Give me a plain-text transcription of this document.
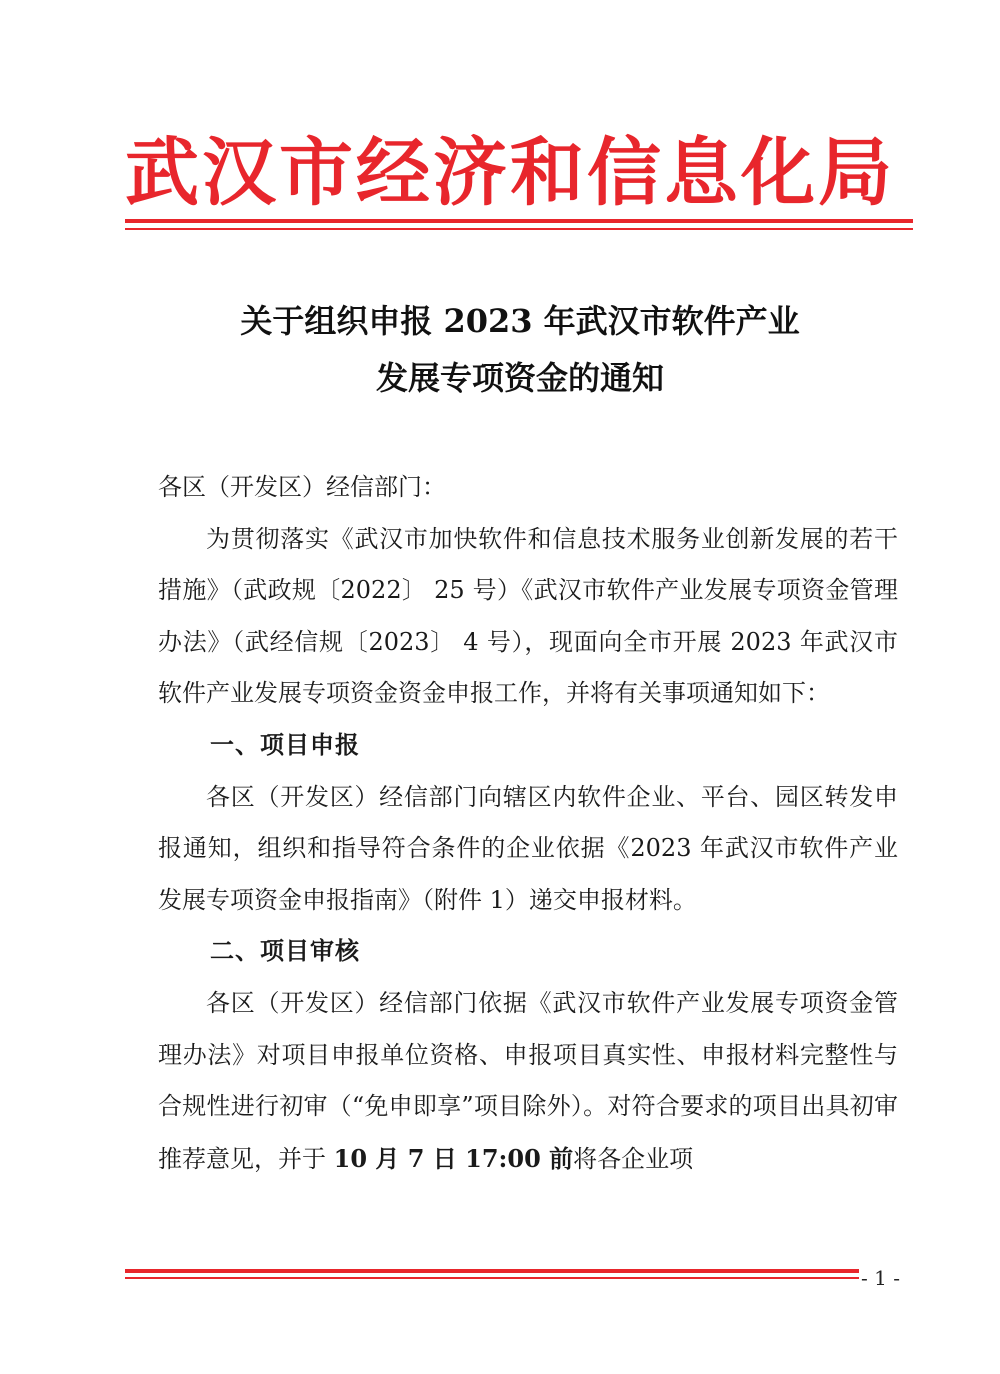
武汉市经济和信息化局
关于组织申报 2023 年武汉市软件产业
发展专项资金的通知

各区（开发区）经信部门：

为贯彻落实《武汉市加快软件和信息技术服务业创新发展的若干措施》（武政规〔2022〕 25 号）《武汉市软件产业发展专项资金管理办法》（武经信规〔2023〕 4 号），现面向全市开展 2023 年武汉市软件产业发展专项资金资金申报工作，并将有关事项通知如下：

一、项目申报

各区（开发区）经信部门向辖区内软件企业、平台、园区转发申报通知，组织和指导符合条件的企业依据《2023 年武汉市软件产业发展专项资金申报指南》（附件 1）递交申报材料。

二、项目审核

各区（开发区）经信部门依据《武汉市软件产业发展专项资金管理办法》对项目申报单位资格、申报项目真实性、申报材料完整性与合规性进行初审（“免申即享”项目除外）。对符合要求的项目出具初审推荐意见，并于 10 月 7 日 17:00 前将各企业项

- 1 -
